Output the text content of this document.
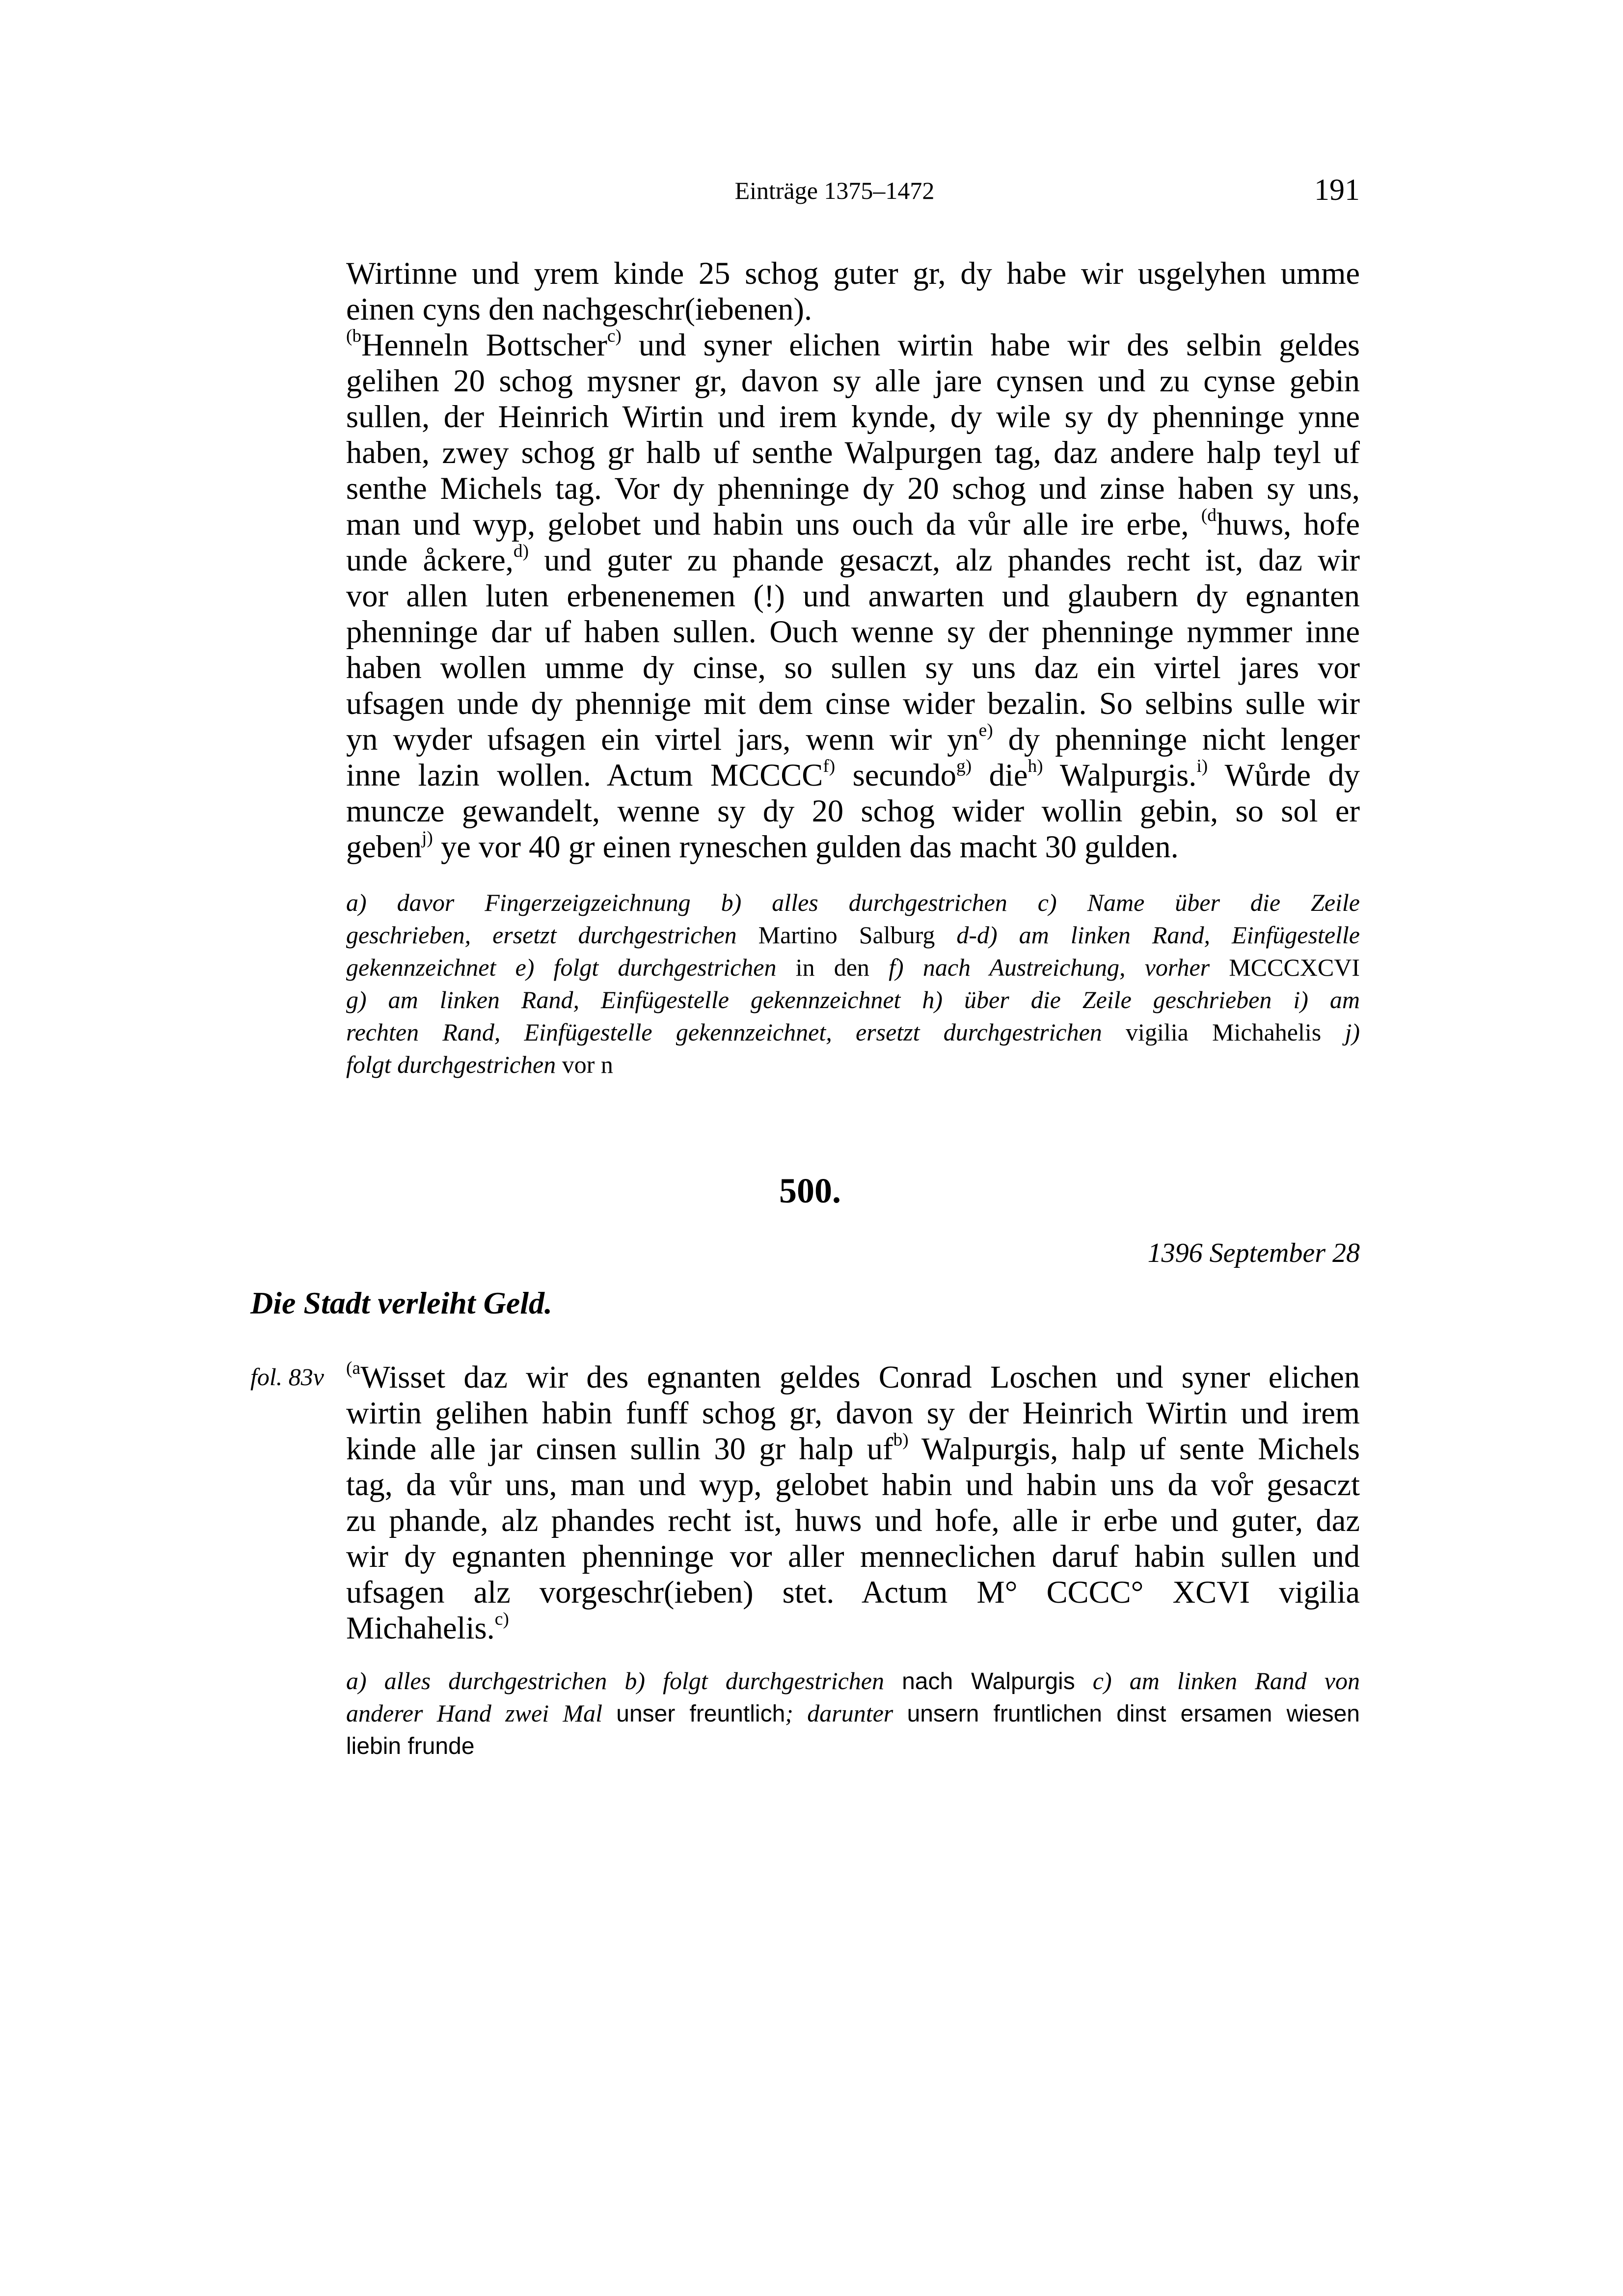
Einträge 1375–1472	191
Wirtinne und yrem kinde 25 schog guter gr, dy habe wir usgelyhen umme
einen cyns den nachgeschr(iebenen).
$^{(b}$Henneln Bottscher$^{c)}$ und syner elichen wirtin habe wir des selbin geldes
gelihen 20 schog mysner gr, davon sy alle jare cynsen und zu cynse gebin
sullen, der Heinrich Wirtin und irem kynde, dy wile sy dy phenninge ynne
haben, zwey schog gr halb uf senthe Walpurgen tag, daz andere halp teyl uf
senthe Michels tag. Vor dy phenninge dy 20 schog und zinse haben sy uns,
man und wyp, gelobet und habin uns ouch da vůr alle ire erbe, $^{(d}$huws, hofe
unde åckere,$^{d)}$ und guter zu phande gesaczt, alz phandes recht ist, daz wir
vor allen luten erbenenemen (!) und anwarten und glaubern dy egnanten
phenninge dar uf haben sullen. Ouch wenne sy der phenninge nymmer inne
haben wollen umme dy cinse, so sullen sy uns daz ein virtel jares vor
ufsagen unde dy phennige mit dem cinse wider bezalin. So selbins sulle wir
yn wyder ufsagen ein virtel jars, wenn wir $yn^{e)}$ dy phenninge nicht lenger
inne lazin wollen. Actum MCCCC$^{f)}$ secundo$^{g)}$ die$^{h)}$ Walpurgis.$^{i)}$ Wůrde dy
muncze gewandelt, wenne sy dy 20 schog wider wollin gebin, so sol er
geben$^{j)}$ ye vor 40 gr einen ryneschen gulden das macht 30 gulden.
a) davor Fingerzeigzeichnung b) alles durchgestrichen c) Name über die Zeile
geschrieben, ersetzt durchgestrichen Martino Salburg d-d) am linken Rand, Einfügestelle
gekennzeichnet e) folgt durchgestrichen in den f) nach Austreichung, vorher MCCCXCVI
g) am linken Rand, Einfügestelle gekennzeichnet h) über die Zeile geschrieben i) am
rechten Rand, Einfügestelle gekennzeichnet, ersetzt durchgestrichen vigilia Michahelis j)
folgt durchgestrichen vor n
500.
1396 September 28
Die Stadt verleiht Geld.
fol. 83v	$^{(a}$Wisset daz wir des egnanten geldes Conrad Loschen und syner elichen
wirtin gelihen habin funff schog gr, davon sy der Heinrich Wirtin und irem
kinde alle jar cinsen sullin 30 gr halp $uf^{b)}$ Walpurgis, halp uf sente Michels
tag, da vůr uns, man und wyp, gelobet habin und habin uns da vo̊r gesaczt
zu phande, alz phandes recht ist, huws und hofe, alle ir erbe und guter, daz
wir dy egnanten phenninge vor aller menneclichen daruf habin sullen und
ufsagen alz vorgeschr(ieben) stet. Actum M° CCCC° XCVI vigilia
Michahelis.$^{c)}$
a) alles durchgestrichen b) folgt durchgestrichen nach Walpurgis c) am linken Rand von
anderer Hand zwei Mal unser freuntlich; darunter unsern fruntlichen dinst ersamen wiesen
liebin frunde
